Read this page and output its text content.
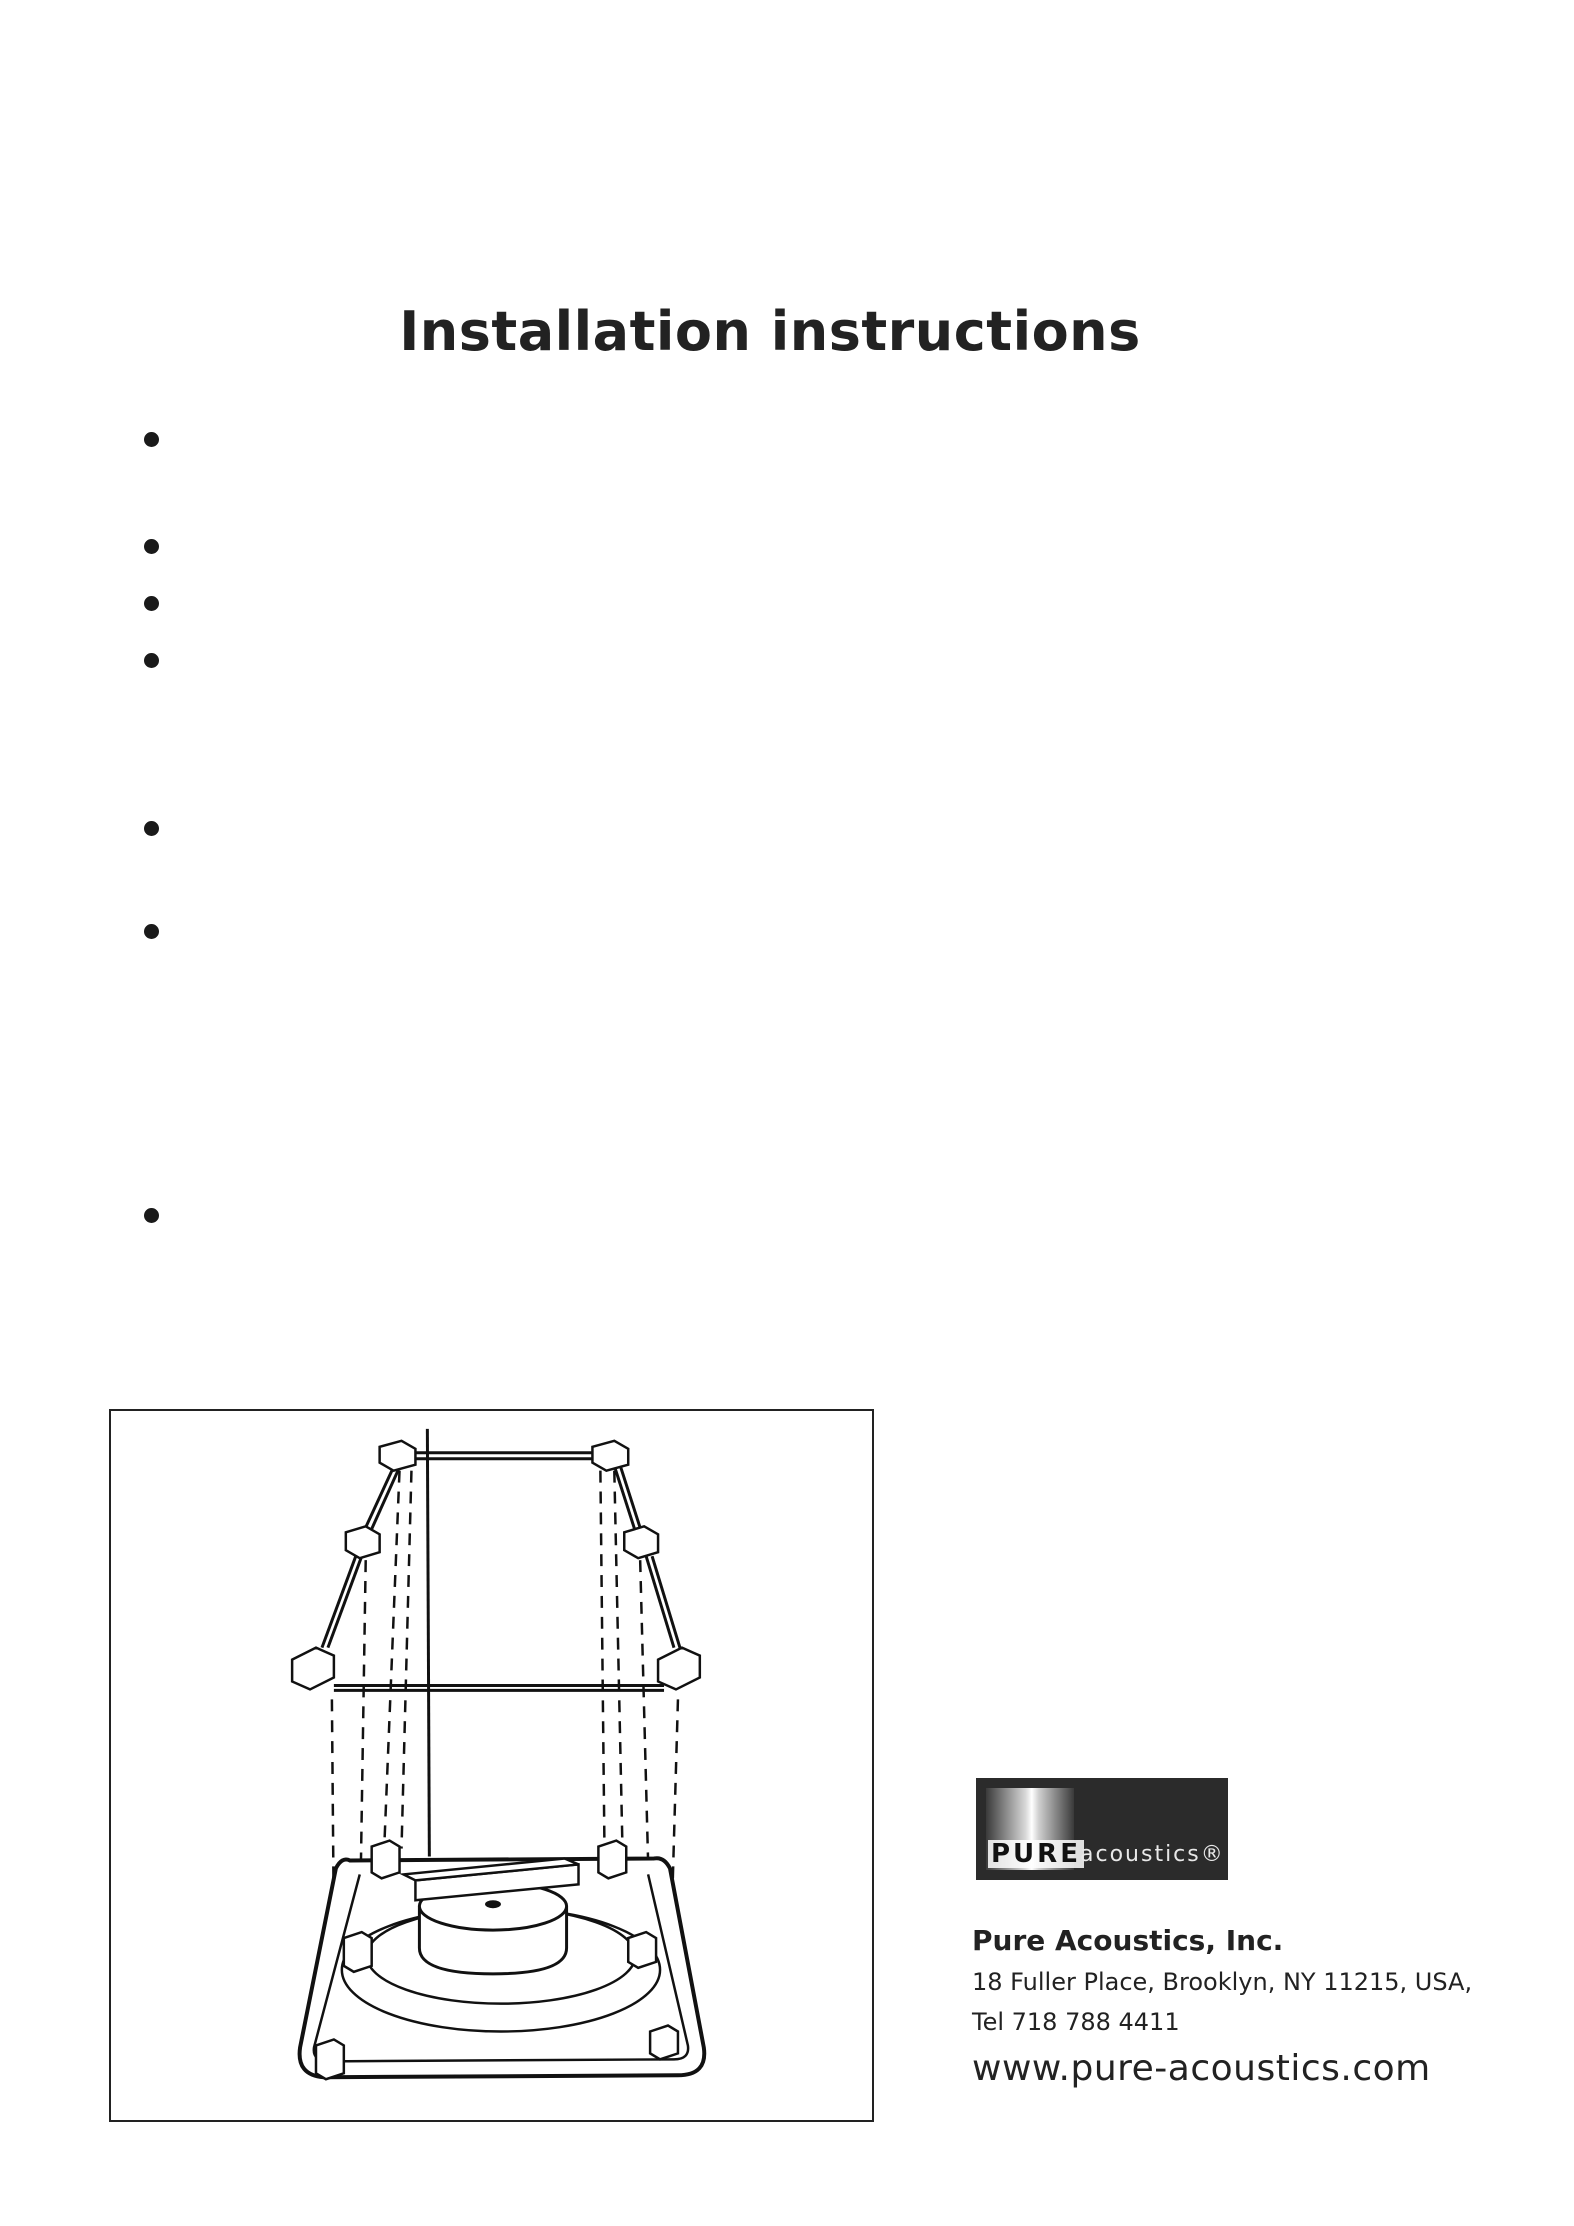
Installation instructions
PURE acoustics®
Pure Acoustics, Inc.
18 Fuller Place, Brooklyn, NY 11215, USA,
Tel 718 788 4411
www.pure-acoustics.com
